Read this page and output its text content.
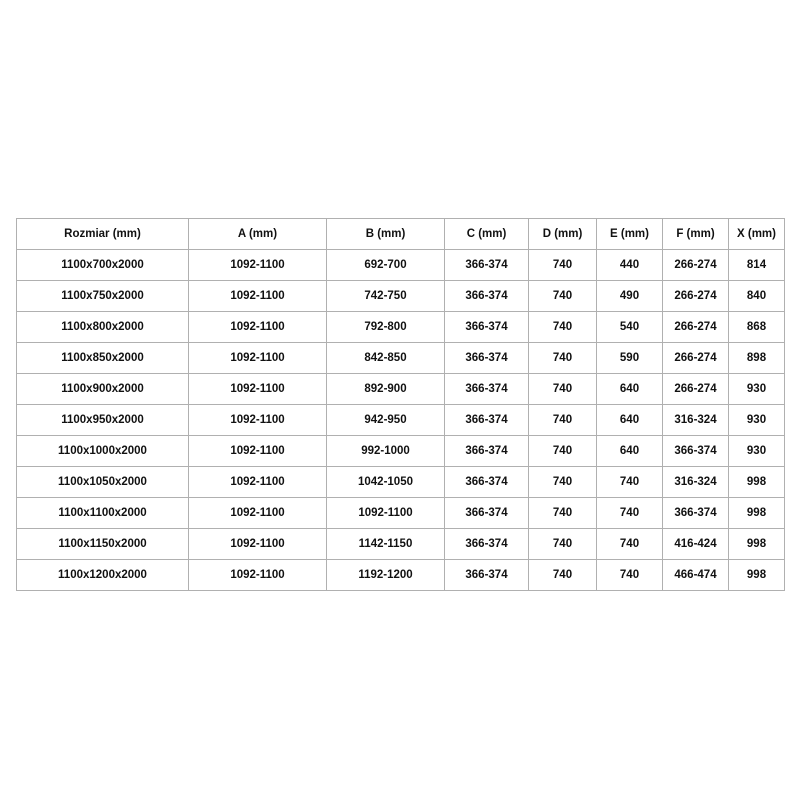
Rozmiar (mm)	A (mm)	B (mm)	C (mm)	D (mm)	E (mm)	F (mm)	X (mm)
1100x700x2000	1092-1100	692-700	366-374	740	440	266-274	814
1100x750x2000	1092-1100	742-750	366-374	740	490	266-274	840
1100x800x2000	1092-1100	792-800	366-374	740	540	266-274	868
1100x850x2000	1092-1100	842-850	366-374	740	590	266-274	898
1100x900x2000	1092-1100	892-900	366-374	740	640	266-274	930
1100x950x2000	1092-1100	942-950	366-374	740	640	316-324	930
1100x1000x2000	1092-1100	992-1000	366-374	740	640	366-374	930
1100x1050x2000	1092-1100	1042-1050	366-374	740	740	316-324	998
1100x1100x2000	1092-1100	1092-1100	366-374	740	740	366-374	998
1100x1150x2000	1092-1100	1142-1150	366-374	740	740	416-424	998
1100x1200x2000	1092-1100	1192-1200	366-374	740	740	466-474	998
